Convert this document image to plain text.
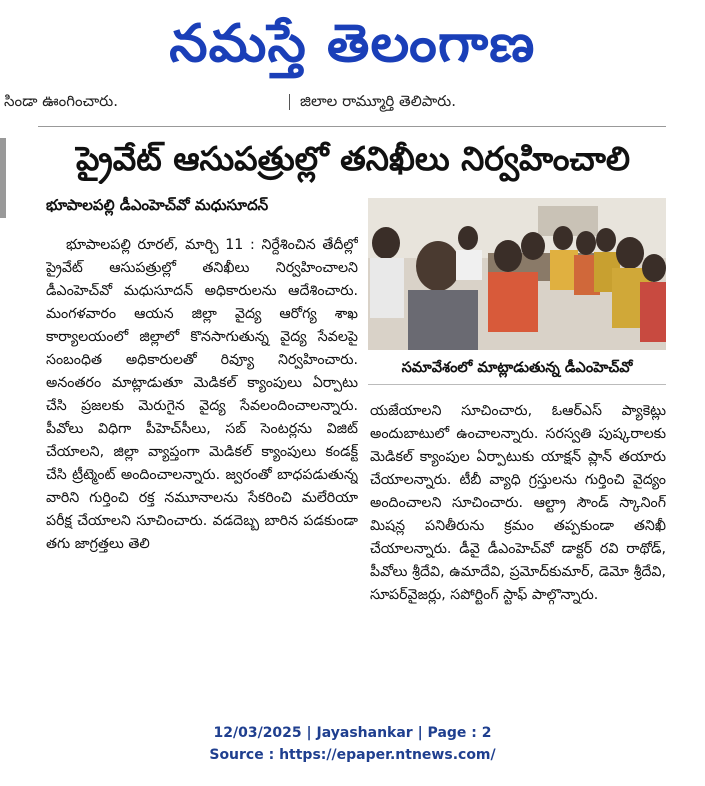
నమస్తే తెలంగాణ
సిండా ఊంగించారు.	జిలాల రామ్మూర్తి తెలిపారు.
ప్రైవేట్ ఆసుపత్రుల్లో తనిఖీలు నిర్వహించాలి
భూపాలపల్లి డీఎంహెచ్‌వో మధుసూదన్

భూపాలపల్లి రూరల్, మార్చి 11 : నిర్దేశించిన తేదీల్లో ప్రైవేట్ ఆసుపత్రుల్లో తనిఖీలు నిర్వహించాలని డీఎంహెచ్‌వో మధుసూదన్ అధికారులను ఆదేశించారు. మంగళవారం ఆయన జిల్లా వైద్య ఆరోగ్య శాఖ కార్యాలయంలో జిల్లాలో కొనసాగుతున్న వైద్య సేవలపై సంబంధిత అధికారులతో రివ్యూ నిర్వహించారు. అనంతరం మాట్లాడుతూ మెడికల్ క్యాంపులు ఏర్పాటు చేసి ప్రజలకు మెరుగైన వైద్య సేవలందించాలన్నారు. పీవోలు విధిగా పీహెచ్‌సీలు, సబ్ సెంటర్లను విజిట్ చేయాలని, జిల్లా వ్యాప్తంగా మెడికల్ క్యాంపులు కండక్ట్ చేసి ట్రీట్మెంట్ అందించాలన్నారు. జ్వరంతో బాధపడుతున్న వారిని గుర్తించి రక్త నమూనాలను సేకరించి మలేరియా పరీక్ష చేయాలని సూచించారు. వడదెబ్బ బారిన పడకుండా తగు జాగ్రత్తలు తెలి

సమావేశంలో మాట్లాడుతున్న డీఎంహెచ్‌వో

యజేయాలని సూచించారు, ఓఆర్‌ఎస్ ప్యాకెట్లు అందుబాటులో ఉంచాలన్నారు. సరస్వతి పుష్కరాలకు మెడికల్ క్యాంపుల ఏర్పాటుకు యాక్షన్ ప్లాన్ తయారు చేయాలన్నారు. టీబీ వ్యాధి గ్రస్తులను గుర్తించి వైద్యం అందించాలని సూచించారు. ఆల్ట్రా సౌండ్ స్కానింగ్ మిషన్ల పనితీరును క్రమం తప్పకుండా తనిఖీ చేయాలన్నారు. డీవై డీఎంహెచ్‌వో డాక్టర్ రవి రాథోడ్, పీవోలు శ్రీదేవి, ఉమాదేవి, ప్రమోద్‌కుమార్, డెమో శ్రీదేవి, సూపర్‌వైజర్లు, సపోర్టింగ్ స్టాఫ్ పాల్గొన్నారు.

12/03/2025 | Jayashankar | Page : 2
Source : https://epaper.ntnews.com/
